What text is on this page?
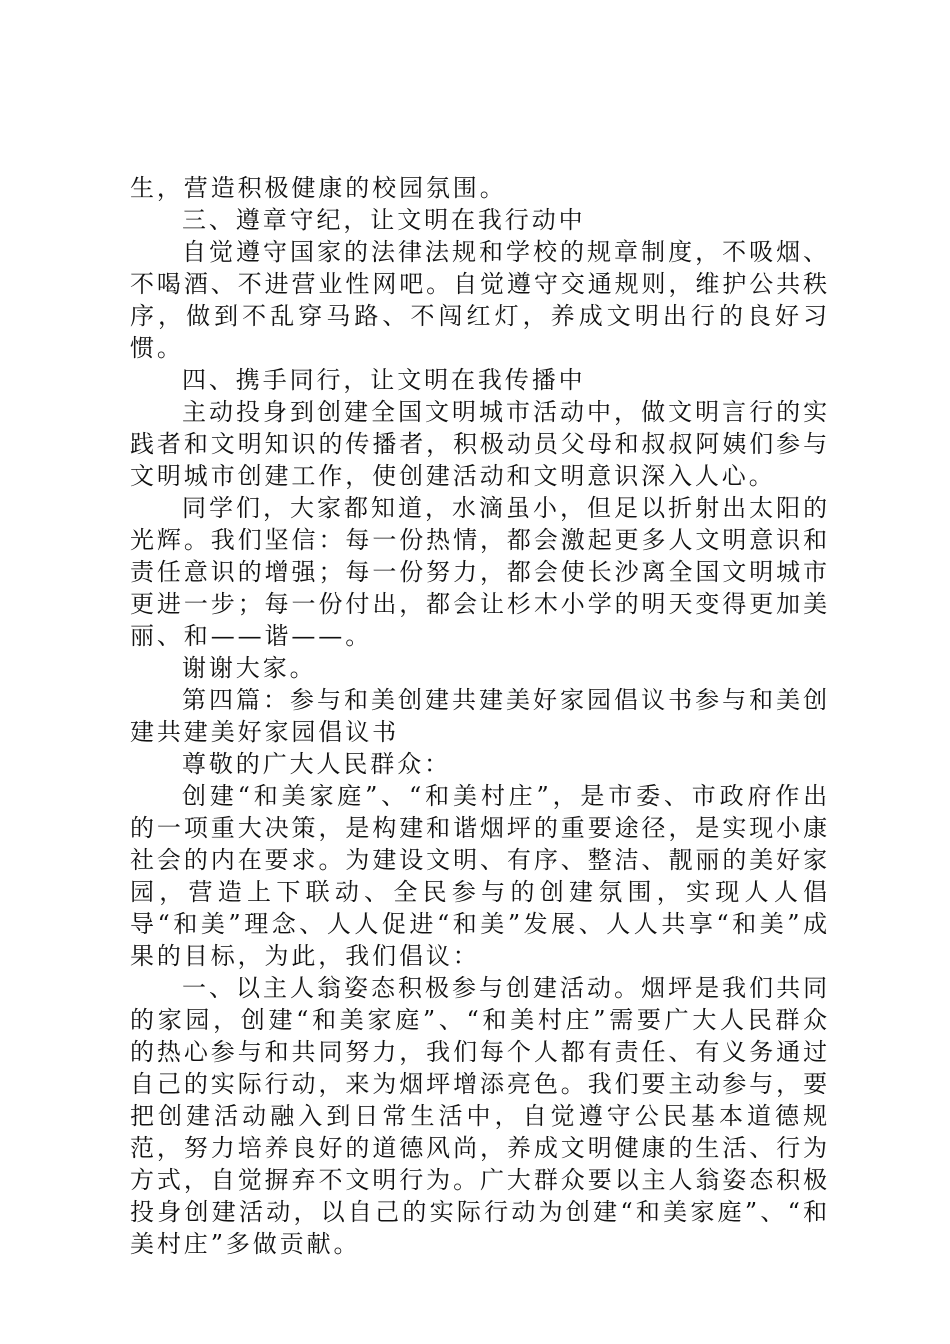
生，营造积极健康的校园氛围。

三、遵章守纪，让文明在我行动中

自觉遵守国家的法律法规和学校的规章制度，不吸烟、不喝酒、不进营业性网吧。自觉遵守交通规则，维护公共秩序，做到不乱穿马路、不闯红灯，养成文明出行的良好习惯。

四、携手同行，让文明在我传播中

主动投身到创建全国文明城市活动中，做文明言行的实践者和文明知识的传播者，积极动员父母和叔叔阿姨们参与文明城市创建工作，使创建活动和文明意识深入人心。

同学们，大家都知道，水滴虽小，但足以折射出太阳的光辉。我们坚信：每一份热情，都会激起更多人文明意识和责任意识的增强；每一份努力，都会使长沙离全国文明城市更进一步；每一份付出，都会让杉木小学的明天变得更加美丽、和——谐——。

谢谢大家。

第四篇：参与和美创建共建美好家园倡议书参与和美创建共建美好家园倡议书

尊敬的广大人民群众：

创建“和美家庭”、“和美村庄”，是市委、市政府作出的一项重大决策，是构建和谐烟坪的重要途径，是实现小康社会的内在要求。为建设文明、有序、整洁、靓丽的美好家园，营造上下联动、全民参与的创建氛围，实现人人倡导“和美”理念、人人促进“和美”发展、人人共享“和美”成果的目标，为此，我们倡议：

一、以主人翁姿态积极参与创建活动。烟坪是我们共同的家园，创建“和美家庭”、“和美村庄”需要广大人民群众的热心参与和共同努力，我们每个人都有责任、有义务通过自己的实际行动，来为烟坪增添亮色。我们要主动参与，要把创建活动融入到日常生活中，自觉遵守公民基本道德规范，努力培养良好的道德风尚，养成文明健康的生活、行为方式，自觉摒弃不文明行为。广大群众要以主人翁姿态积极投身创建活动，以自己的实际行动为创建“和美家庭”、“和美村庄”多做贡献。
